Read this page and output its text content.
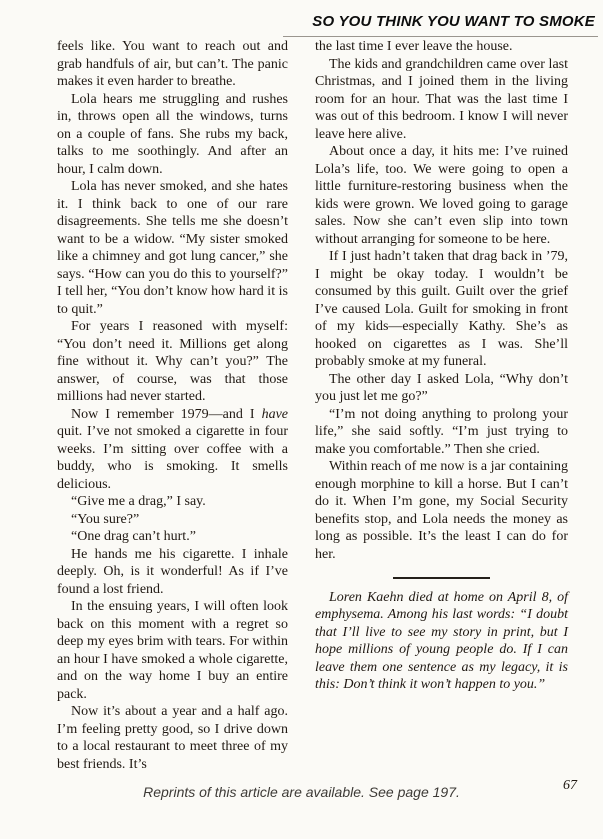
SO YOU THINK YOU WANT TO SMOKE

feels like. You want to reach out and grab handfuls of air, but can’t. The panic makes it even harder to breathe.

Lola hears me struggling and rushes in, throws open all the windows, turns on a couple of fans. She rubs my back, talks to me soothingly. And after an hour, I calm down.

Lola has never smoked, and she hates it. I think back to one of our rare disagreements. She tells me she doesn’t want to be a widow. “My sister smoked like a chimney and got lung cancer,” she says. “How can you do this to yourself?” I tell her, “You don’t know how hard it is to quit.”

For years I reasoned with myself: “You don’t need it. Millions get along fine without it. Why can’t you?” The answer, of course, was that those millions had never started.

Now I remember 1979—and I have quit. I’ve not smoked a cigarette in four weeks. I’m sitting over coffee with a buddy, who is smoking. It smells delicious.

“Give me a drag,” I say.

“You sure?”

“One drag can’t hurt.”

He hands me his cigarette. I inhale deeply. Oh, is it wonderful! As if I’ve found a lost friend.

In the ensuing years, I will often look back on this moment with a regret so deep my eyes brim with tears. For within an hour I have smoked a whole cigarette, and on the way home I buy an entire pack.

Now it’s about a year and a half ago. I’m feeling pretty good, so I drive down to a local restaurant to meet three of my best friends. It’s

the last time I ever leave the house.

The kids and grandchildren came over last Christmas, and I joined them in the living room for an hour. That was the last time I was out of this bedroom. I know I will never leave here alive.

About once a day, it hits me: I’ve ruined Lola’s life, too. We were going to open a little furniture-restoring business when the kids were grown. We loved going to garage sales. Now she can’t even slip into town without arranging for someone to be here.

If I just hadn’t taken that drag back in ’79, I might be okay today. I wouldn’t be consumed by this guilt. Guilt over the grief I’ve caused Lola. Guilt for smoking in front of my kids—especially Kathy. She’s as hooked on cigarettes as I was. She’ll probably smoke at my funeral.

The other day I asked Lola, “Why don’t you just let me go?”

“I’m not doing anything to prolong your life,” she said softly. “I’m just trying to make you comfortable.” Then she cried.

Within reach of me now is a jar containing enough morphine to kill a horse. But I can’t do it. When I’m gone, my Social Security benefits stop, and Lola needs the money as long as possible. It’s the least I can do for her.

Loren Kaehn died at home on April 8, of emphysema. Among his last words: “I doubt that I’ll live to see my story in print, but I hope millions of young people do. If I can leave them one sentence as my legacy, it is this: Don’t think it won’t happen to you.”

Reprints of this article are available. See page 197.	67
